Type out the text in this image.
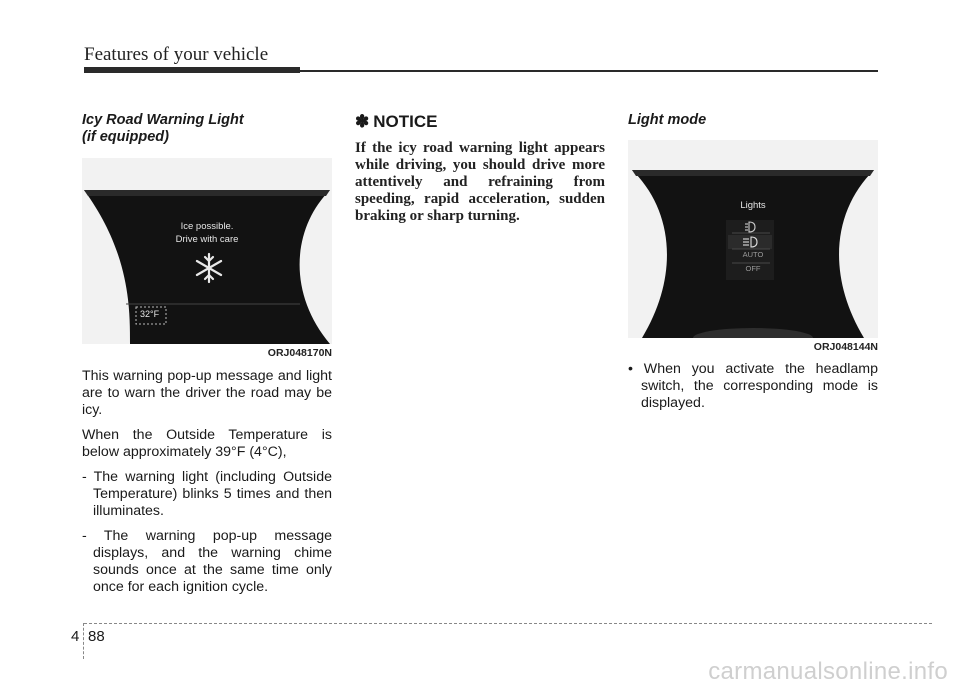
Features of your vehicle
Icy Road Warning Light
(if equipped)
Ice possible.
Drive with care
32°F
ORJ048170N

This warning pop-up message and light are to warn the driver the road may be icy.

When the Outside Temperature is below approximately 39°F (4°C),

- The warning light (including Outside Temperature) blinks 5 times and then illuminates.

- The warning pop-up message displays, and the warning chime sounds once at the same time only once for each ignition cycle.

✽ NOTICE
If the icy road warning light appears while driving, you should drive more attentively and refraining from speeding, rapid acceleration, sudden braking or sharp turning.
Light mode
Lights
AUTO
OFF
ORJ048144N
• When you activate the headlamp switch, the corresponding mode is displayed.
4 88
carmanualsonline.info
